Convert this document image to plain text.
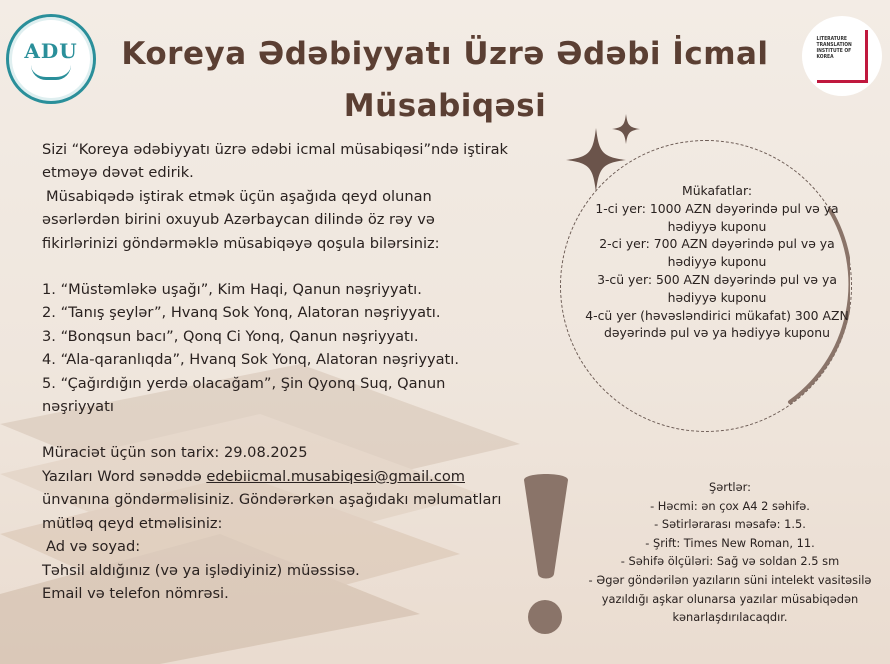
ADU	LITERATURE TRANSLATION INSTITUTE OF KOREA
Koreya Ədəbiyyatı Üzrə Ədəbi İcmal
Müsabiqəsi

Sizi “Koreya ədəbiyyatı üzrə ədəbi icmal müsabiqəsi”ndə iştirak etməyə dəvət edirik.

Müsabiqədə iştirak etmək üçün aşağıda qeyd olunan əsərlərdən birini oxuyub Azərbaycan dilində öz rəy və fikirlərinizi göndərməklə müsabiqəyə qoşula bilərsiniz:

1. “Müstəmləkə uşağı”, Kim Haqi, Qanun nəşriyyatı.

2. “Tanış şeylər”, Hvanq Sok Yonq, Alatoran nəşriyyatı.

3. “Bonqsun bacı”, Qonq Ci Yonq, Qanun nəşriyyatı.

4. “Ala-qaranlıqda”, Hvanq Sok Yonq, Alatoran nəşriyyatı.

5. “Çağırdığın yerdə olacağam”, Şin Qyonq Suq, Qanun nəşriyyatı

Müraciət üçün son tarix: 29.08.2025

Yazıları Word sənəddə edebiicmal.musabiqesi@gmail.com ünvanına göndərməlisiniz. Göndərərkən aşağıdakı məlumatları mütləq qeyd etməlisiniz:

Ad və soyad:

Təhsil aldığınız (və ya işlədiyiniz) müəssisə.

Email və telefon nömrəsi.

Mükafatlar:
1-ci yer: 1000 AZN dəyərində pul və ya hədiyyə kuponu
2-ci yer: 700 AZN dəyərində pul və ya hədiyyə kuponu
3-cü yer: 500 AZN dəyərində pul və ya hədiyyə kuponu
4-cü yer (həvəsləndirici mükafat) 300 AZN dəyərində pul və ya hədiyyə kuponu
Şərtlər:
- Həcmi: ən çox A4 2 səhifə.
- Sətirlərarası məsafə: 1.5.
- Şrift: Times New Roman, 11.
- Səhifə ölçüləri: Sağ və soldan 2.5 sm
- Əgər göndərilən yazıların süni intelekt vasitəsilə yazıldığı aşkar olunarsa yazılar müsabiqədən kənarlaşdırılacaqdır.
